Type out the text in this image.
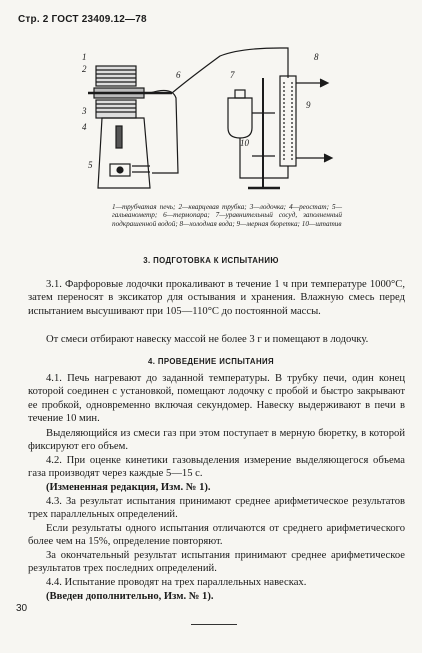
Стр. 2 ГОСТ 23409.12—78
1
2
3
4
5
6	7
8
9
10
1—трубчатая печь; 2—кварцевая трубка; 3—лодочка; 4—реостат; 5—гальванометр; 6—термопара; 7—уравнительный сосуд, заполненный подкрашенной водой; 8—холодная вода; 9—мерная бюретка; 10—штатив
3. ПОДГОТОВКА К ИСПЫТАНИЮ
3.1. Фарфоровые лодочки прокаливают в течение 1 ч при температуре 1000°С, затем переносят в эксикатор для остывания и хранения. Влажную смесь перед испытанием высушивают при 105—110°С до постоянной массы.
От смеси отбирают навеску массой не более 3 г и помещают в лодочку.
4. ПРОВЕДЕНИЕ ИСПЫТАНИЯ
4.1. Печь нагревают до заданной температуры. В трубку печи, один конец которой соединен с установкой, помещают лодочку с пробой и быстро закрывают ее пробкой, одновременно включая секундомер. Навеску выдерживают в печи в течение 10 мин.
Выделяющийся из смеси газ при этом поступает в мерную бюретку, в которой фиксируют его объем.
4.2. При оценке кинетики газовыделения измерение выделяющегося объема газа производят через каждые 5—15 с.
(Измененная редакция, Изм. № 1).
4.3. За результат испытания принимают среднее арифметическое результатов трех параллельных определений.
Если результаты одного испытания отличаются от среднего арифметического более чем на 15%, определение повторяют.
За окончательный результат испытания принимают среднее арифметическое результатов трех последних определений.
4.4. Испытание проводят на трех параллельных навесках.
(Введен дополнительно, Изм. № 1).
30
